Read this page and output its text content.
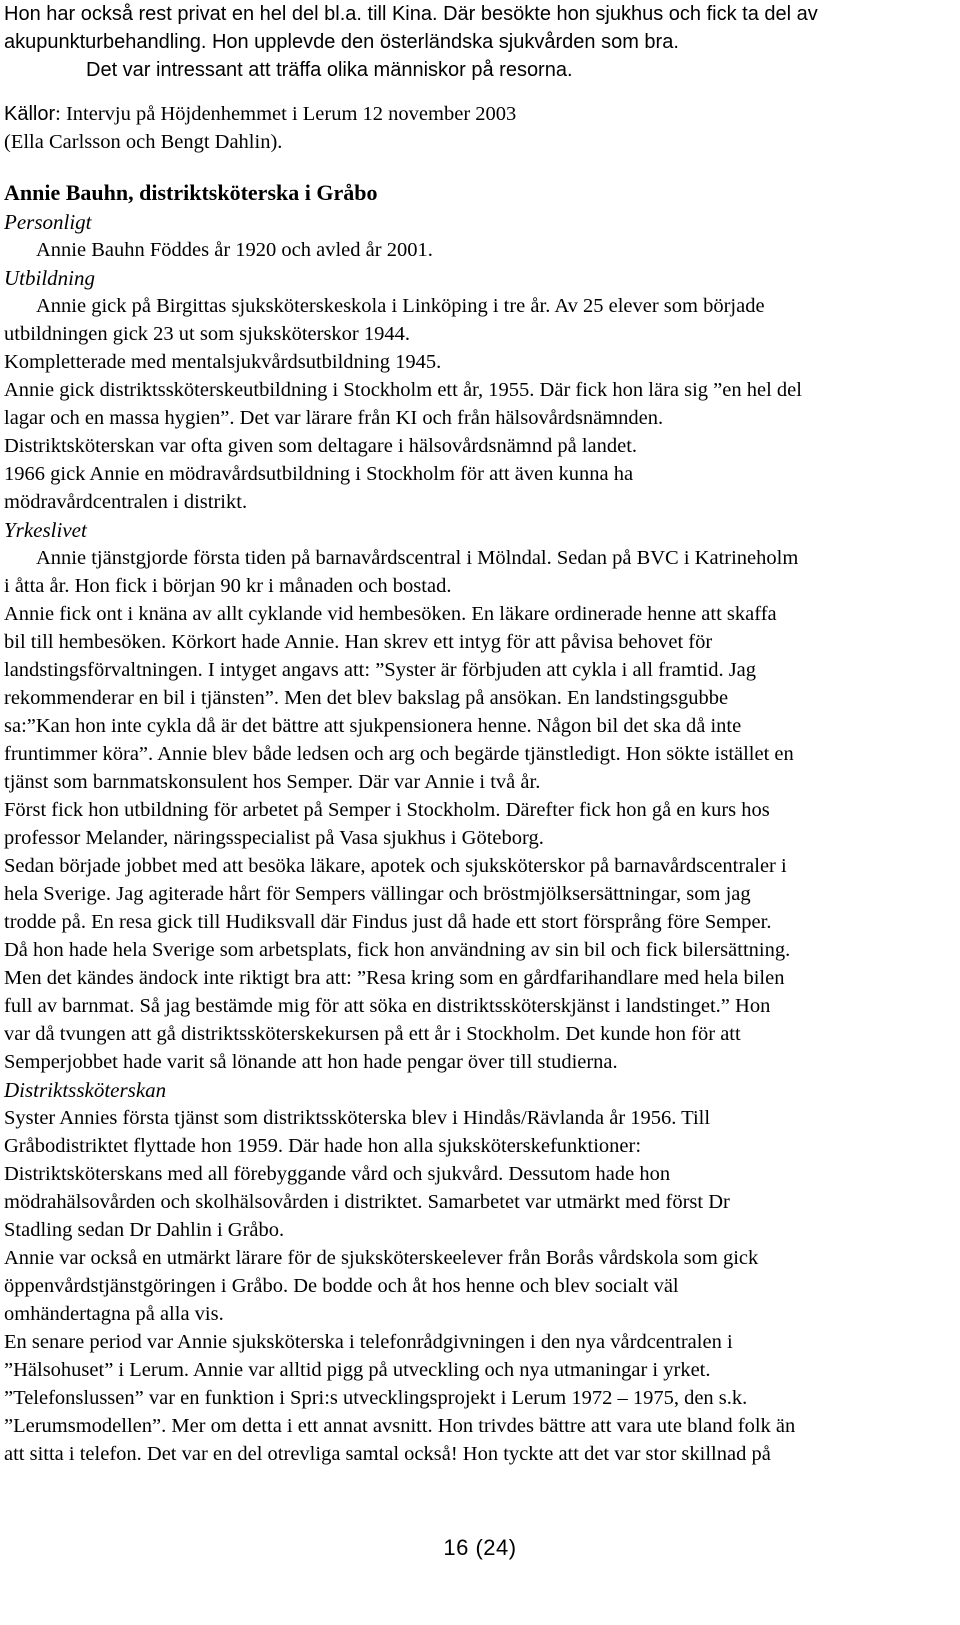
Hon har också rest privat en hel del bl.a. till Kina. Där besökte hon sjukhus och fick ta del av

akupunkturbehandling. Hon upplevde den österländska sjukvården som bra.

Det var intressant att träffa olika människor på resorna.

Källor: Intervju på Höjdenhemmet i Lerum 12 november 2003

(Ella Carlsson och Bengt Dahlin).

Annie Bauhn, distriktsköterska i Gråbo

Personligt

Annie Bauhn Föddes år 1920 och avled år 2001.

Utbildning

Annie gick på Birgittas sjuksköterskeskola i Linköping i tre år. Av 25 elever som började

utbildningen gick 23 ut som sjuksköterskor 1944.

Kompletterade med mentalsjukvårdsutbildning 1945.

Annie gick distriktssköterskeutbildning i Stockholm ett år, 1955. Där fick hon lära sig ”en hel del

lagar och en massa hygien”. Det var lärare från KI och från hälsovårdsnämnden.

Distriktsköterskan var ofta given som deltagare i hälsovårdsnämnd på landet.

1966 gick Annie en mödravårdsutbildning i Stockholm för att även kunna ha

mödravårdcentralen i distrikt.

Yrkeslivet

Annie tjänstgjorde första tiden på barnavårdscentral i Mölndal. Sedan på BVC i Katrineholm

i åtta år. Hon fick i början 90 kr i månaden och bostad.

Annie fick ont i knäna av allt cyklande vid hembesöken. En läkare ordinerade henne att skaffa

bil till hembesöken. Körkort hade Annie. Han skrev ett intyg för att påvisa behovet för

landstingsförvaltningen. I intyget angavs att: ”Syster är förbjuden att cykla i all framtid. Jag

rekommenderar en bil i tjänsten”. Men det blev bakslag på ansökan. En landstingsgubbe

sa:”Kan hon inte cykla då är det bättre att sjukpensionera henne. Någon bil det ska då inte

fruntimmer köra”. Annie blev både ledsen och arg och begärde tjänstledigt. Hon sökte istället en

tjänst som barnmatskonsulent hos Semper. Där var Annie i två år.

Först fick hon utbildning för arbetet på Semper i Stockholm. Därefter fick hon gå en kurs hos

professor Melander, näringsspecialist på Vasa sjukhus i Göteborg.

Sedan började jobbet med att besöka läkare, apotek och sjuksköterskor på barnavårdscentraler i

hela Sverige. Jag agiterade hårt för Sempers vällingar och bröstmjölksersättningar, som jag

trodde på. En resa gick till Hudiksvall där Findus just då hade ett stort försprång före Semper.

Då hon hade hela Sverige som arbetsplats, fick hon användning av sin bil och fick bilersättning.

Men det kändes ändock inte riktigt bra att: ”Resa kring som en gårdfarihandlare med hela bilen

full av barnmat. Så jag bestämde mig för att söka en distriktssköterskjänst i landstinget.” Hon

var då tvungen att gå distriktssköterskekursen på ett år i Stockholm. Det kunde hon för att

Semperjobbet hade varit så lönande att hon hade pengar över till studierna.

Distriktssköterskan

Syster Annies första tjänst som distriktssköterska blev i Hindås/Rävlanda år 1956. Till

Gråbodistriktet flyttade hon 1959. Där hade hon alla sjuksköterskefunktioner:

Distriktsköterskans med all förebyggande vård och sjukvård. Dessutom hade hon

mödrahälsovården och skolhälsovården i distriktet. Samarbetet var utmärkt med först Dr

Stadling sedan Dr Dahlin i Gråbo.

Annie var också en utmärkt lärare för de sjuksköterskeelever från Borås vårdskola som gick

öppenvårdstjänstgöringen i Gråbo. De bodde och åt hos henne och blev socialt väl

omhändertagna på alla vis.

En senare period var Annie sjuksköterska i telefonrådgivningen i den nya vårdcentralen i

”Hälsohuset” i Lerum. Annie var alltid pigg på utveckling och nya utmaningar i yrket.

”Telefonslussen” var en funktion i Spri:s utvecklingsprojekt i Lerum 1972 – 1975, den s.k.

”Lerumsmodellen”. Mer om detta i ett annat avsnitt. Hon trivdes bättre att vara ute bland folk än

att sitta i telefon. Det var en del otrevliga samtal också! Hon tyckte att det var stor skillnad på

16 (24)
